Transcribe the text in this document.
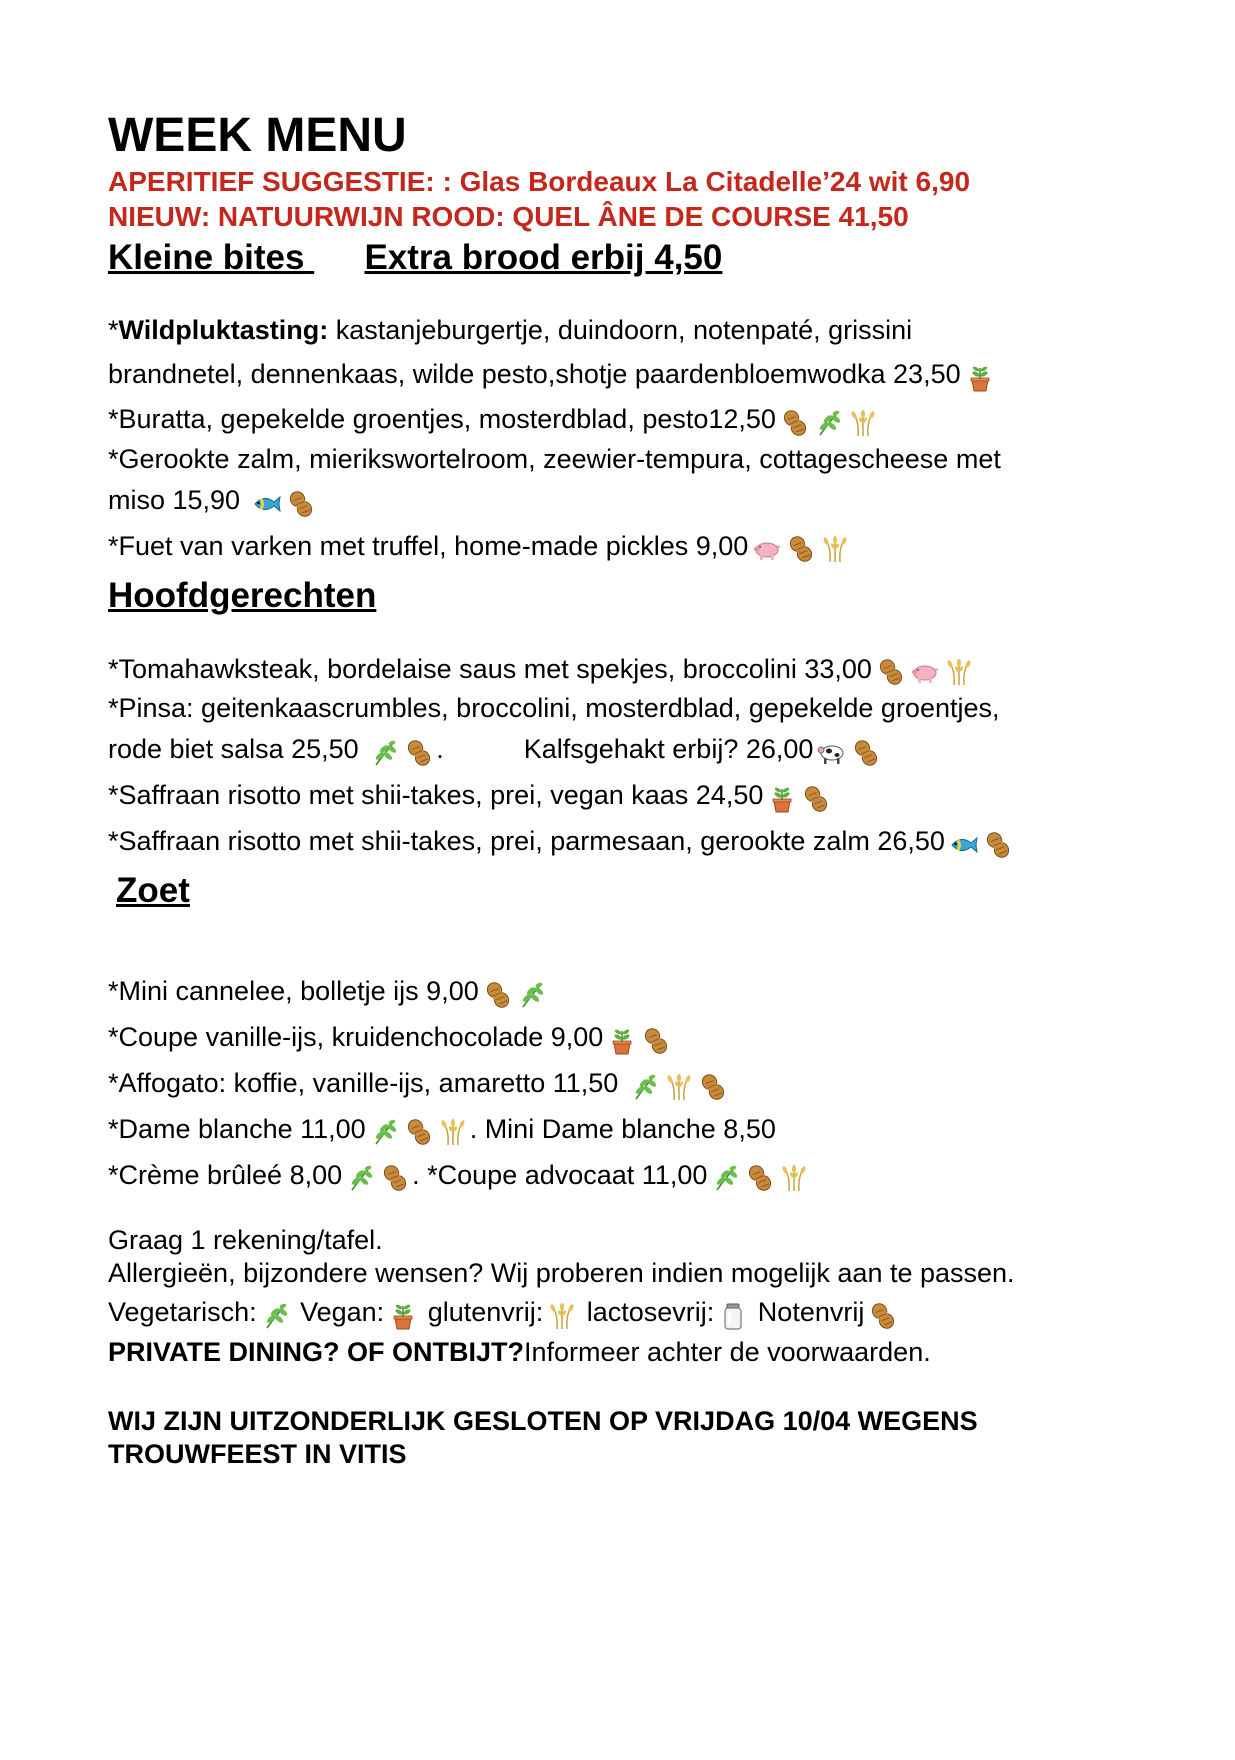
WEEK MENU
APERITIEF SUGGESTIE: : Glas Bordeaux La Citadelle’24 wit 6,90
NIEUW: NATUURWIJN ROOD: QUEL ÂNE DE COURSE 41,50
Kleine bites Extra brood erbij 4,50
*Wildpluktasting: kastanjeburgertje, duindoorn, notenpaté, grissini
brandnetel, dennenkaas, wilde pesto,shotje paardenbloemwodka 23,50
*Buratta, gepekelde groentjes, mosterdblad, pesto12,50
*Gerookte zalm, mierikswortelroom, zeewier-tempura, cottagescheese met
miso 15,90
*Fuet van varken met truffel, home-made pickles 9,00
Hoofdgerechten
*Tomahawksteak, bordelaise saus met spekjes, broccolini 33,00
*Pinsa: geitenkaascrumbles, broccolini, mosterdblad, gepekelde groentjes,
rode biet salsa 25,50	.	Kalfsgehakt erbij? 26,00
*Saffraan risotto met shii-takes, prei, vegan kaas 24,50
*Saffraan risotto met shii-takes, prei, parmesaan, gerookte zalm 26,50
Zoet
*Mini cannelee, bolletje ijs 9,00
*Coupe vanille-ijs, kruidenchocolade 9,00
*Affogato: koffie, vanille-ijs, amaretto 11,50
*Dame blanche 11,00	. Mini Dame blanche 8,50
*Crème brûleé 8,00	. *Coupe advocaat 11,00
Graag 1 rekening/tafel.
Allergieën, bijzondere wensen? Wij proberen indien mogelijk aan te passen.
Vegetarisch:
Vegan:
glutenvrij:
lactosevrij:
Notenvrij
PRIVATE DINING? OF ONTBIJT?Informeer achter de voorwaarden.
WIJ ZIJN UITZONDERLIJK GESLOTEN OP VRIJDAG 10/04 WEGENS
TROUWFEEST IN VITIS
